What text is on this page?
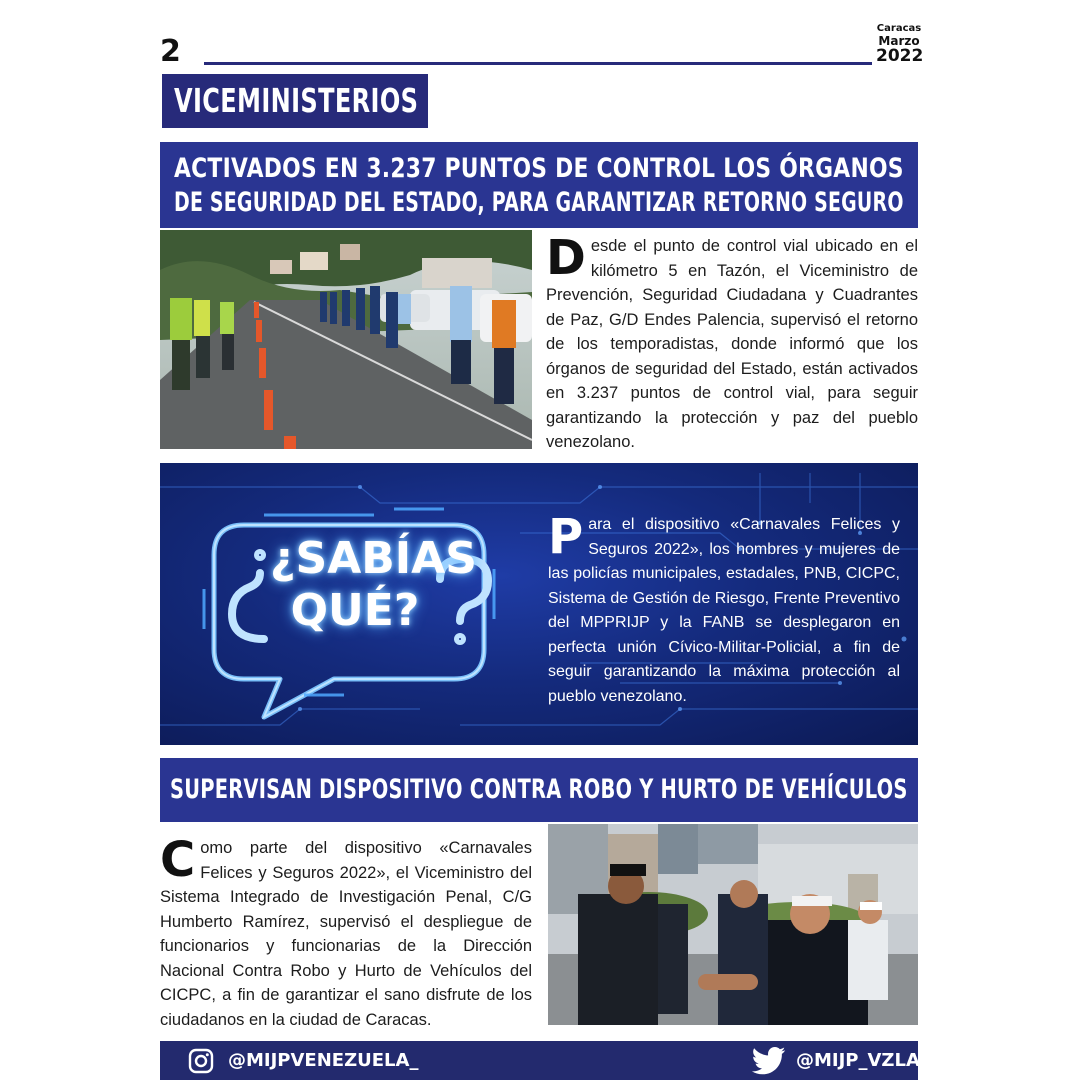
2
Caracas
Marzo
2022
VICEMINISTERIOS
ACTIVADOS EN 3.237 PUNTOS DE CONTROL LOS ÓRGANOS
DE SEGURIDAD DEL ESTADO, PARA GARANTIZAR RETORNO SEGURO
Desde el punto de control vial ubicado en el kilómetro 5 en Tazón, el Viceministro de Prevención, Seguridad Ciudadana y Cuadrantes de Paz, G/D Endes Palencia, supervisó el retorno de los temporadistas, donde informó que los órganos de seguridad del Estado, están activados en 3.237 puntos de control vial, para seguir garantizando la protección y paz del pueblo venezolano.
¿SABÍAS
QUÉ?
Para el dispositivo «Carnavales Felices y Seguros 2022», los hombres y mujeres de las policías municipales, estadales, PNB, CICPC, Sistema de Gestión de Riesgo, Frente Preventivo del MPPRIJP y la FANB se desplegaron en perfecta unión Cívico-Militar-Policial, a fin de seguir garantizando la máxima protección al pueblo venezolano.
SUPERVISAN DISPOSITIVO CONTRA ROBO Y HURTO DE VEHÍCULOS
Como parte del dispositivo «Carnavales Felices y Seguros 2022», el Viceministro del Sistema Integrado de Investigación Penal, C/G Humberto Ramírez, supervisó el despliegue de funcionarios y funcionarias de la Dirección Nacional Contra Robo y Hurto de Vehículos del CICPC, a fin de garantizar el sano disfrute de los ciudadanos en la ciudad de Caracas.
@MIJPVENEZUELA_	@MIJP_VZLA
